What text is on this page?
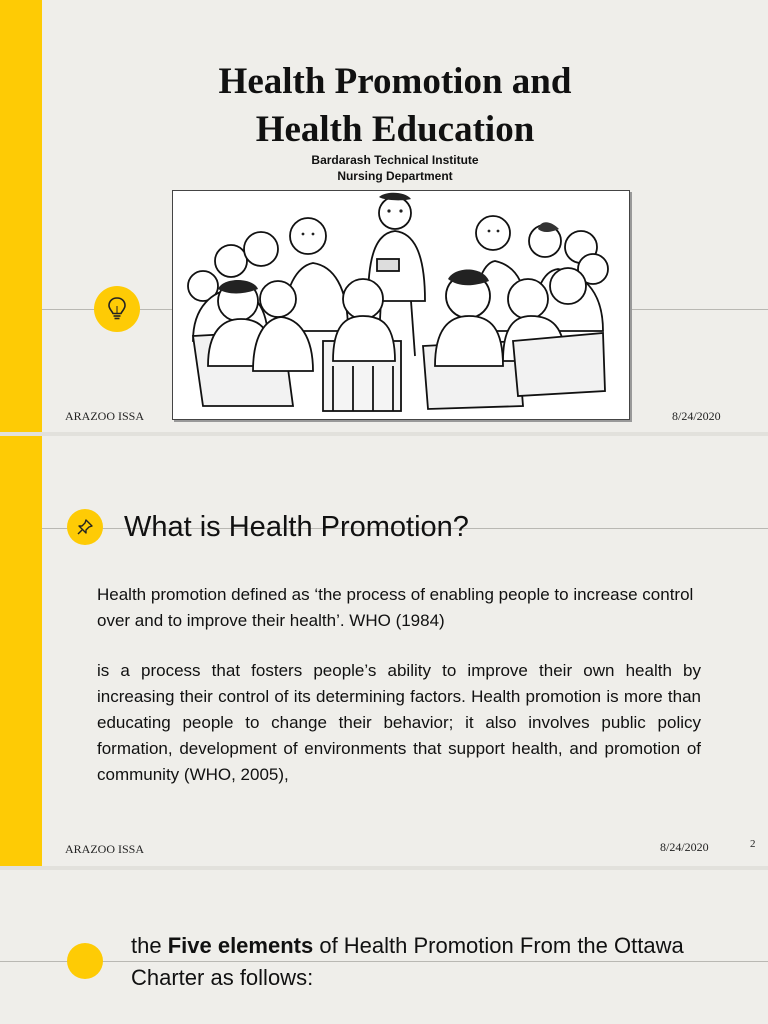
Health Promotion and
Health Education
Bardarash Technical Institute
Nursing Department
ARAZOO ISSA	8/24/2020
What is Health Promotion?

Health promotion defined as ‘the process of enabling people to increase control over and to improve their health’. WHO (1984)

is a process that fosters people’s ability to improve their own health by increasing their control of its determining factors. Health promotion is more than educating people to change their behavior; it also involves public policy formation, development of environments that support health, and promotion of community (WHO, 2005),

ARAZOO ISSA	8/24/2020	2

the Five elements of Health Promotion From the Ottawa Charter as follows:
